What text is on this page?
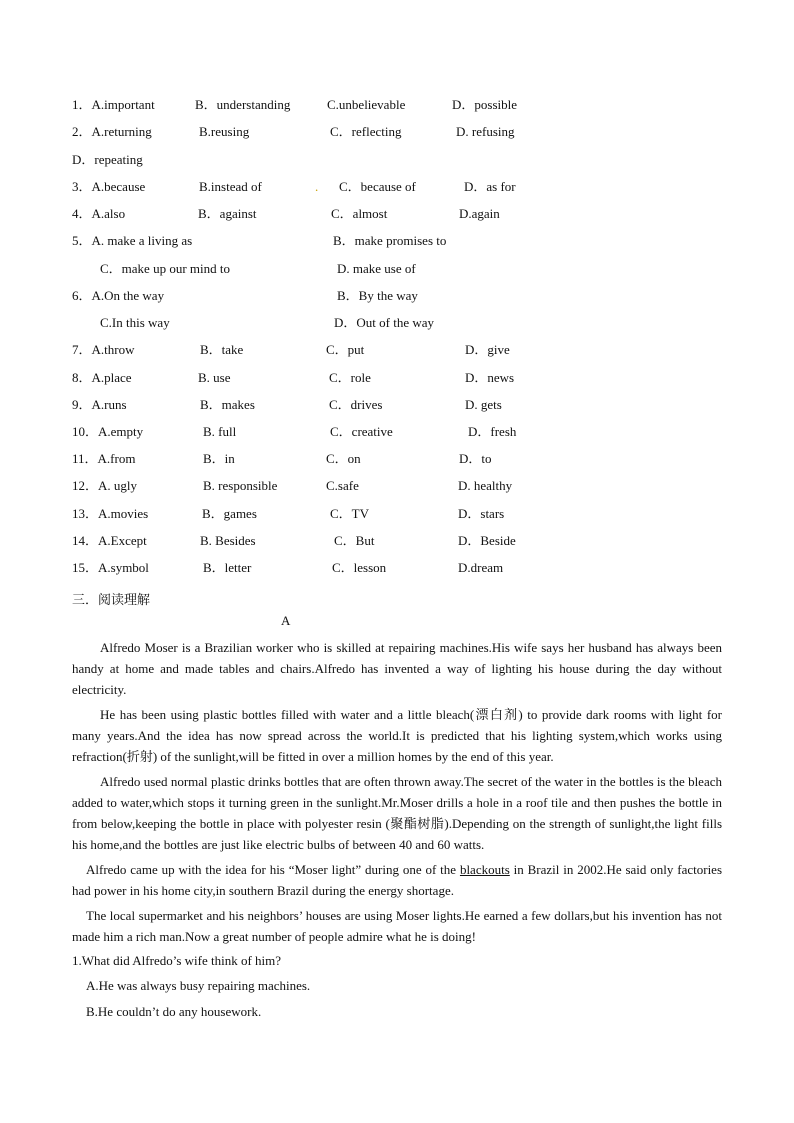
1．A.important	B．understanding	C.unbelievable	D．possible
2．A.returning	B.reusing	C．reflecting	D. refusing
D．repeating
3．A.because	B.instead of	. C．because of	D．as for
4．A.also	B．against	C．almost	D.again
5．A. make a living as	B．make promises to
C．make up our mind to	D. make use of
6．A.On the way	B．By the way
C.In this way	D．Out of the way
7．A.throw	B．take	C．put	D．give
8．A.place	B. use	C．role	D．news
9．A.runs	B．makes	C．drives	D. gets
10．A.empty	B. full	C．creative	D．fresh
11．A.from	B．in	C．on	D．to
12．A. ugly	B. responsible	C.safe	D. healthy
13．A.movies	B．games	C．TV	D．stars
14．A.Except	B. Besides	C．But	D．Beside
15．A.symbol	B．letter	C．lesson	D.dream
三．阅读理解
A
Alfredo Moser is a Brazilian worker who is skilled at repairing machines.His wife says her husband has always been handy at home and made tables and chairs.Alfredo has invented a way of lighting his house during the day without electricity.
He has been using plastic bottles filled with water and a little bleach(漂白剂) to provide dark rooms with light for many years.And the idea has now spread across the world.It is predicted that his lighting system,which works using refraction(折射) of the sunlight,will be fitted in over a million homes by the end of this year.
Alfredo used normal plastic drinks bottles that are often thrown away.The secret of the water in the bottles is the bleach added to water,which stops it turning green in the sunlight.Mr.Moser drills a hole in a roof tile and then pushes the bottle in from below,keeping the bottle in place with polyester resin (聚酯树脂).Depending on the strength of sunlight,the light fills his home,and the bottles are just like electric bulbs of between 40 and 60 watts.
Alfredo came up with the idea for his “Moser light” during one of the blackouts in Brazil in 2002.He said only factories had power in his home city,in southern Brazil during the energy shortage.
The local supermarket and his neighbors’ houses are using Moser lights.He earned a few dollars,but his invention has not made him a rich man.Now a great number of people admire what he is doing!
1.What did Alfredo’s wife think of him?
A.He was always busy repairing machines.
B.He couldn’t do any housework.
